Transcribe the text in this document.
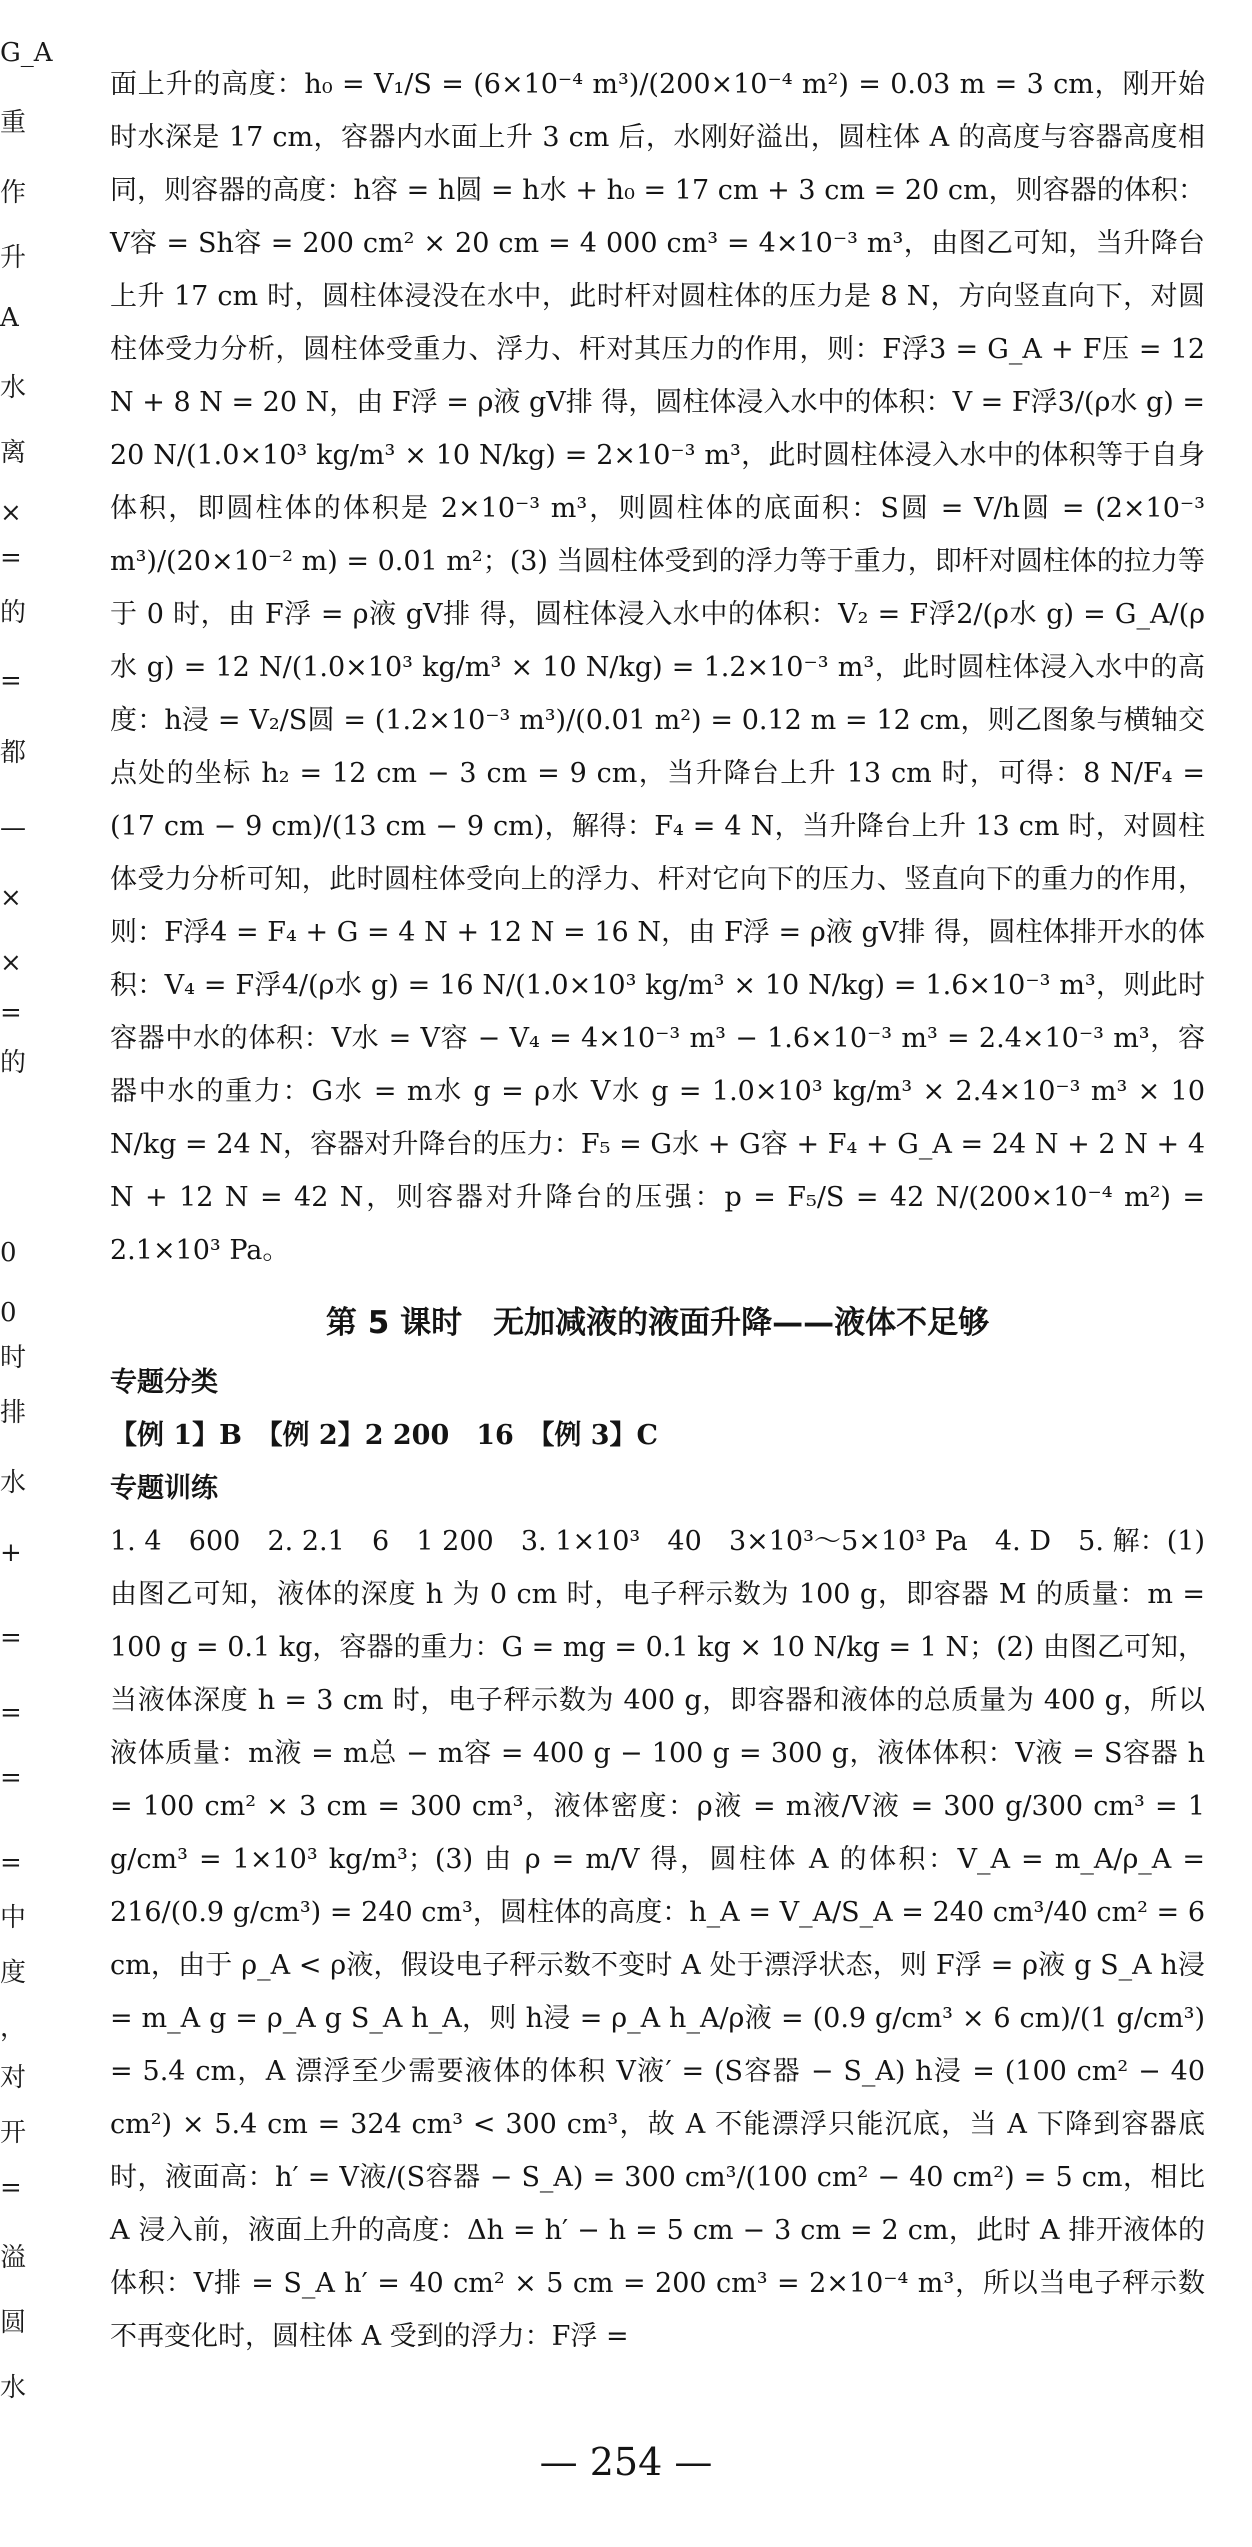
G_A
重
作
升
A
水
离
×
=
的
=
都
—
×
×
=
的
0
0
时
排
水
+
=
=
=
=
中
度
，
对
开
=
溢
圆
水

面上升的高度：h₀ = V₁/S = (6×10⁻⁴ m³)/(200×10⁻⁴ m²) = 0.03 m = 3 cm，刚开始时水深是 17 cm，容器内水面上升 3 cm 后，水刚好溢出，圆柱体 A 的高度与容器高度相同，则容器的高度：h容 = h圆 = h水 + h₀ = 17 cm + 3 cm = 20 cm，则容器的体积：V容 = Sh容 = 200 cm² × 20 cm = 4 000 cm³ = 4×10⁻³ m³，由图乙可知，当升降台上升 17 cm 时，圆柱体浸没在水中，此时杆对圆柱体的压力是 8 N，方向竖直向下，对圆柱体受力分析，圆柱体受重力、浮力、杆对其压力的作用，则：F浮3 = G_A + F压 = 12 N + 8 N = 20 N，由 F浮 = ρ液 gV排 得，圆柱体浸入水中的体积：V = F浮3/(ρ水 g) = 20 N/(1.0×10³ kg/m³ × 10 N/kg) = 2×10⁻³ m³，此时圆柱体浸入水中的体积等于自身体积，即圆柱体的体积是 2×10⁻³ m³，则圆柱体的底面积：S圆 = V/h圆 = (2×10⁻³ m³)/(20×10⁻² m) = 0.01 m²；(3) 当圆柱体受到的浮力等于重力，即杆对圆柱体的拉力等于 0 时，由 F浮 = ρ液 gV排 得，圆柱体浸入水中的体积：V₂ = F浮2/(ρ水 g) = G_A/(ρ水 g) = 12 N/(1.0×10³ kg/m³ × 10 N/kg) = 1.2×10⁻³ m³，此时圆柱体浸入水中的高度：h浸 = V₂/S圆 = (1.2×10⁻³ m³)/(0.01 m²) = 0.12 m = 12 cm，则乙图象与横轴交点处的坐标 h₂ = 12 cm − 3 cm = 9 cm，当升降台上升 13 cm 时，可得：8 N/F₄ = (17 cm − 9 cm)/(13 cm − 9 cm)，解得：F₄ = 4 N，当升降台上升 13 cm 时，对圆柱体受力分析可知，此时圆柱体受向上的浮力、杆对它向下的压力、竖直向下的重力的作用，则：F浮4 = F₄ + G = 4 N + 12 N = 16 N，由 F浮 = ρ液 gV排 得，圆柱体排开水的体积：V₄ = F浮4/(ρ水 g) = 16 N/(1.0×10³ kg/m³ × 10 N/kg) = 1.6×10⁻³ m³，则此时容器中水的体积：V水 = V容 − V₄ = 4×10⁻³ m³ − 1.6×10⁻³ m³ = 2.4×10⁻³ m³，容器中水的重力：G水 = m水 g = ρ水 V水 g = 1.0×10³ kg/m³ × 2.4×10⁻³ m³ × 10 N/kg = 24 N，容器对升降台的压力：F₅ = G水 + G容 + F₄ + G_A = 24 N + 2 N + 4 N + 12 N = 42 N，则容器对升降台的压强：p = F₅/S = 42 N/(200×10⁻⁴ m²) = 2.1×10³ Pa。

第 5 课时　无加减液的液面升降——液体不足够
专题分类

【例 1】B　【例 2】2 200　16　【例 3】C

专题训练

1. 4　600　2. 2.1　6　1 200　3. 1×10³　40　3×10³～5×10³ Pa　4. D　5. 解：(1) 由图乙可知，液体的深度 h 为 0 cm 时，电子秤示数为 100 g，即容器 M 的质量：m = 100 g = 0.1 kg，容器的重力：G = mg = 0.1 kg × 10 N/kg = 1 N；(2) 由图乙可知，当液体深度 h = 3 cm 时，电子秤示数为 400 g，即容器和液体的总质量为 400 g，所以液体质量：m液 = m总 − m容 = 400 g − 100 g = 300 g，液体体积：V液 = S容器 h = 100 cm² × 3 cm = 300 cm³，液体密度：ρ液 = m液/V液 = 300 g/300 cm³ = 1 g/cm³ = 1×10³ kg/m³；(3) 由 ρ = m/V 得，圆柱体 A 的体积：V_A = m_A/ρ_A = 216/(0.9 g/cm³) = 240 cm³，圆柱体的高度：h_A = V_A/S_A = 240 cm³/40 cm² = 6 cm，由于 ρ_A < ρ液，假设电子秤示数不变时 A 处于漂浮状态，则 F浮 = ρ液 g S_A h浸 = m_A g = ρ_A g S_A h_A，则 h浸 = ρ_A h_A/ρ液 = (0.9 g/cm³ × 6 cm)/(1 g/cm³) = 5.4 cm，A 漂浮至少需要液体的体积 V液′ = (S容器 − S_A) h浸 = (100 cm² − 40 cm²) × 5.4 cm = 324 cm³ < 300 cm³，故 A 不能漂浮只能沉底，当 A 下降到容器底时，液面高：h′ = V液/(S容器 − S_A) = 300 cm³/(100 cm² − 40 cm²) = 5 cm，相比 A 浸入前，液面上升的高度：Δh = h′ − h = 5 cm − 3 cm = 2 cm，此时 A 排开液体的体积：V排 = S_A h′ = 40 cm² × 5 cm = 200 cm³ = 2×10⁻⁴ m³，所以当电子秤示数不再变化时，圆柱体 A 受到的浮力：F浮 =

— 254 —
